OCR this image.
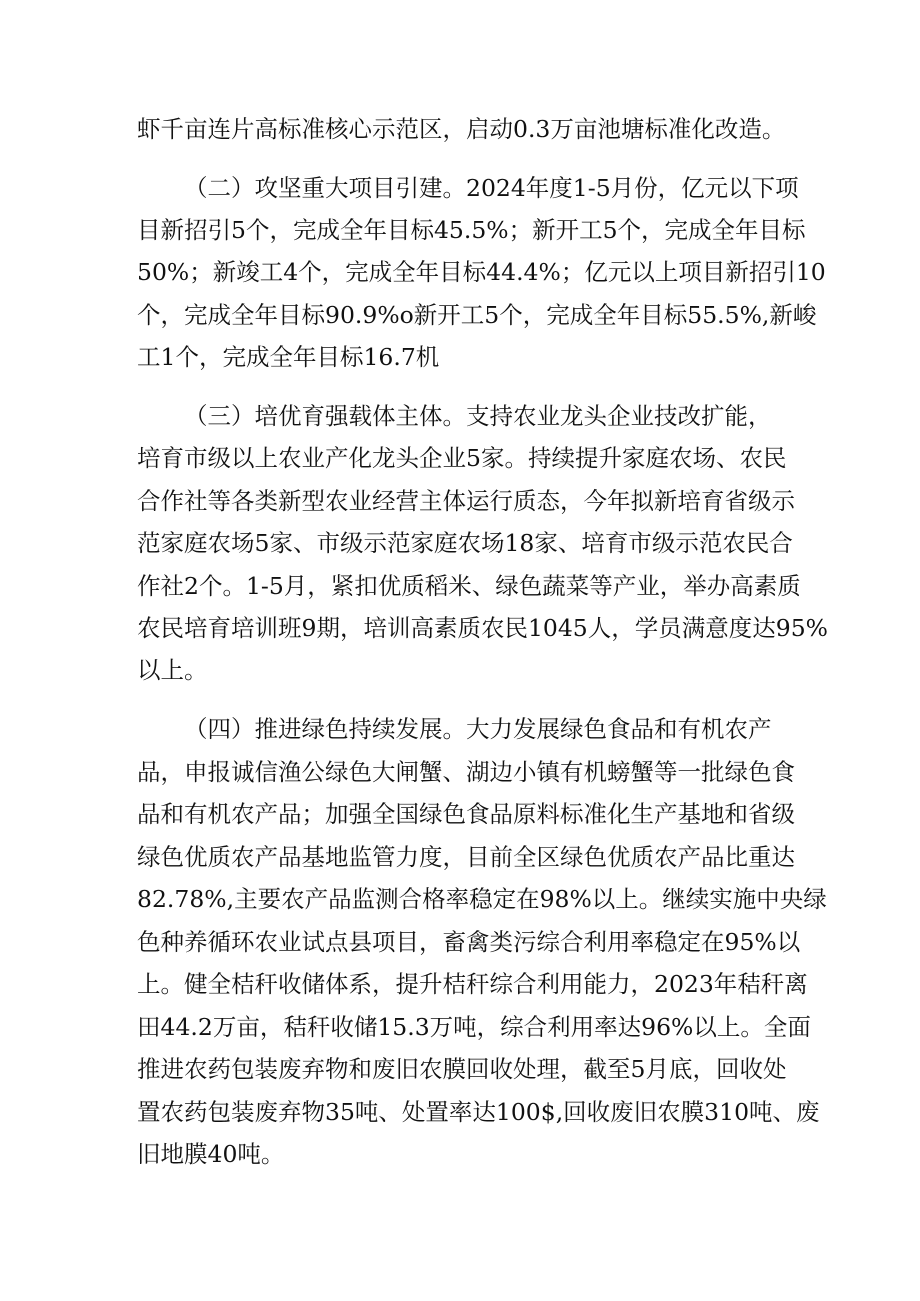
虾千亩连片高标准核心示范区，启动0.3万亩池塘标准化改造。
（二）攻坚重大项目引建。2024年度1-5月份，亿元以下项
目新招引5个，完成全年目标45.5%；新开工5个，完成全年目标
50%；新竣工4个，完成全年目标44.4%；亿元以上项目新招引10
个，完成全年目标90.9%o新开工5个，完成全年目标55.5%,新峻
工1个，完成全年目标16.7机
（三）培优育强载体主体。支持农业龙头企业技改扩能，
培育市级以上农业产化龙头企业5家。持续提升家庭农场、农民
合作社等各类新型农业经营主体运行质态，今年拟新培育省级示
范家庭农场5家、市级示范家庭农场18家、培育市级示范农民合
作社2个。1-5月，紧扣优质稻米、绿色蔬菜等产业，举办高素质
农民培育培训班9期，培训高素质农民1045人，学员满意度达95%
以上。
（四）推进绿色持续发展。大力发展绿色食品和有机农产
品，申报诚信渔公绿色大闸蟹、湖边小镇有机螃蟹等一批绿色食
品和有机农产品；加强全国绿色食品原料标准化生产基地和省级
绿色优质农产品基地监管力度，目前全区绿色优质农产品比重达
82.78%,主要农产品监测合格率稳定在98%以上。继续实施中央绿
色种养循环农业试点县项目，畜禽类污综合利用率稳定在95%以
上。健全桔秆收储体系，提升桔秆综合利用能力，2023年秸秆离
田44.2万亩，秸秆收储15.3万吨，综合利用率达96%以上。全面
推进农药包装废弃物和废旧农膜回收处理，截至5月底，回收处
置农药包装废弃物35吨、处置率达100$,回收废旧农膜310吨、废
旧地膜40吨。
